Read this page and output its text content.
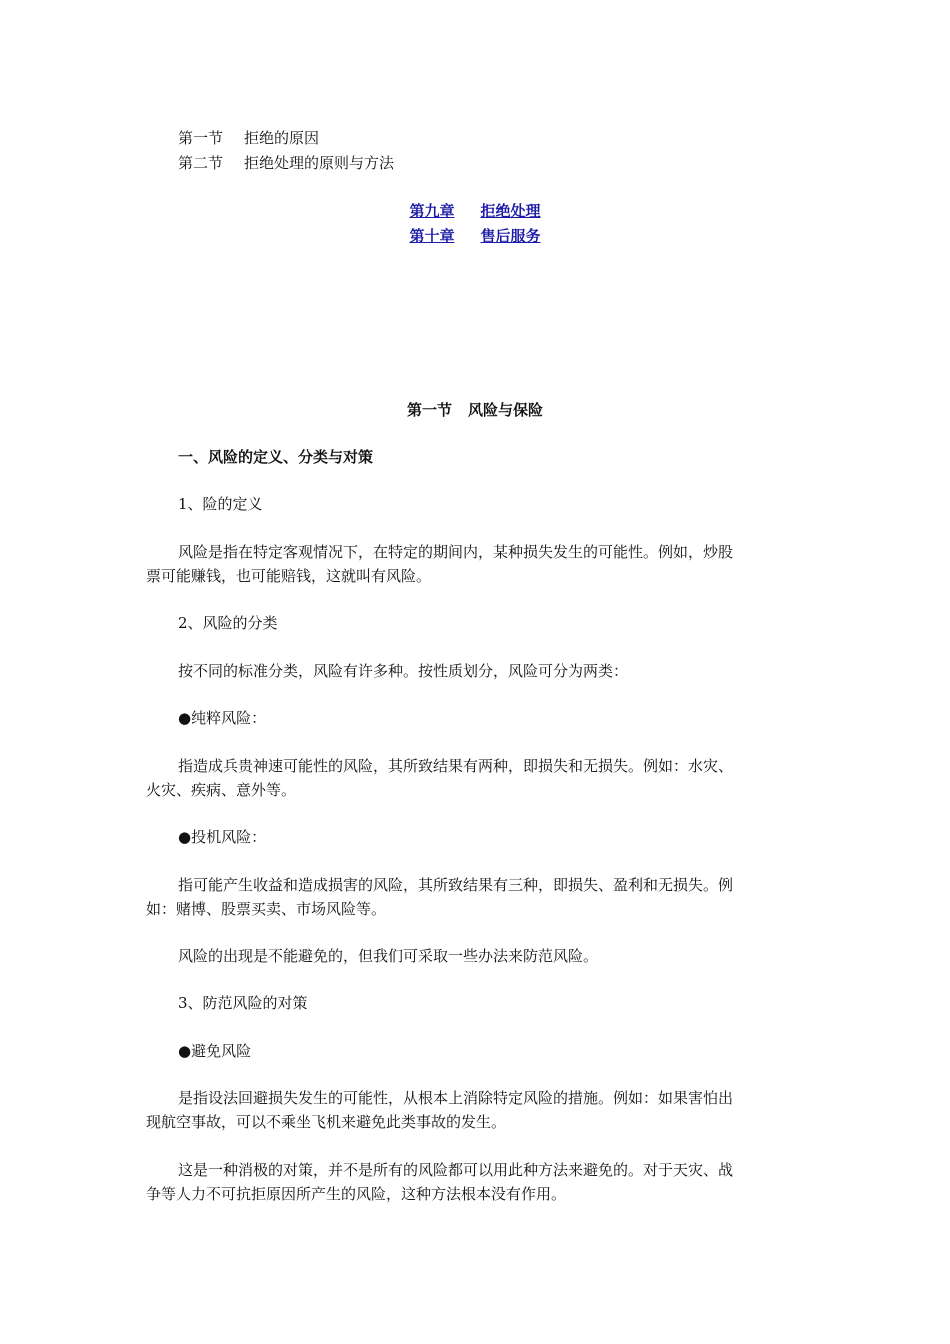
第一节 拒绝的原因
第二节 拒绝处理的原则与方法
第九章 拒绝处理
第十章 售后服务
第一节 风险与保险
一、风险的定义、分类与对策
1、险的定义
风险是指在特定客观情况下，在特定的期间内，某种损失发生的可能性。例如，炒股
票可能赚钱，也可能赔钱，这就叫有风险。
2、风险的分类
按不同的标准分类，风险有许多种。按性质划分，风险可分为两类：
●纯粹风险：
指造成兵贵神速可能性的风险，其所致结果有两种，即损失和无损失。例如：水灾、
火灾、疾病、意外等。
●投机风险：
指可能产生收益和造成损害的风险，其所致结果有三种，即损失、盈利和无损失。例
如：赌博、股票买卖、市场风险等。
风险的出现是不能避免的，但我们可采取一些办法来防范风险。
3、防范风险的对策
●避免风险
是指设法回避损失发生的可能性，从根本上消除特定风险的措施。例如：如果害怕出
现航空事故，可以不乘坐飞机来避免此类事故的发生。
这是一种消极的对策，并不是所有的风险都可以用此种方法来避免的。对于天灾、战
争等人力不可抗拒原因所产生的风险，这种方法根本没有作用。
